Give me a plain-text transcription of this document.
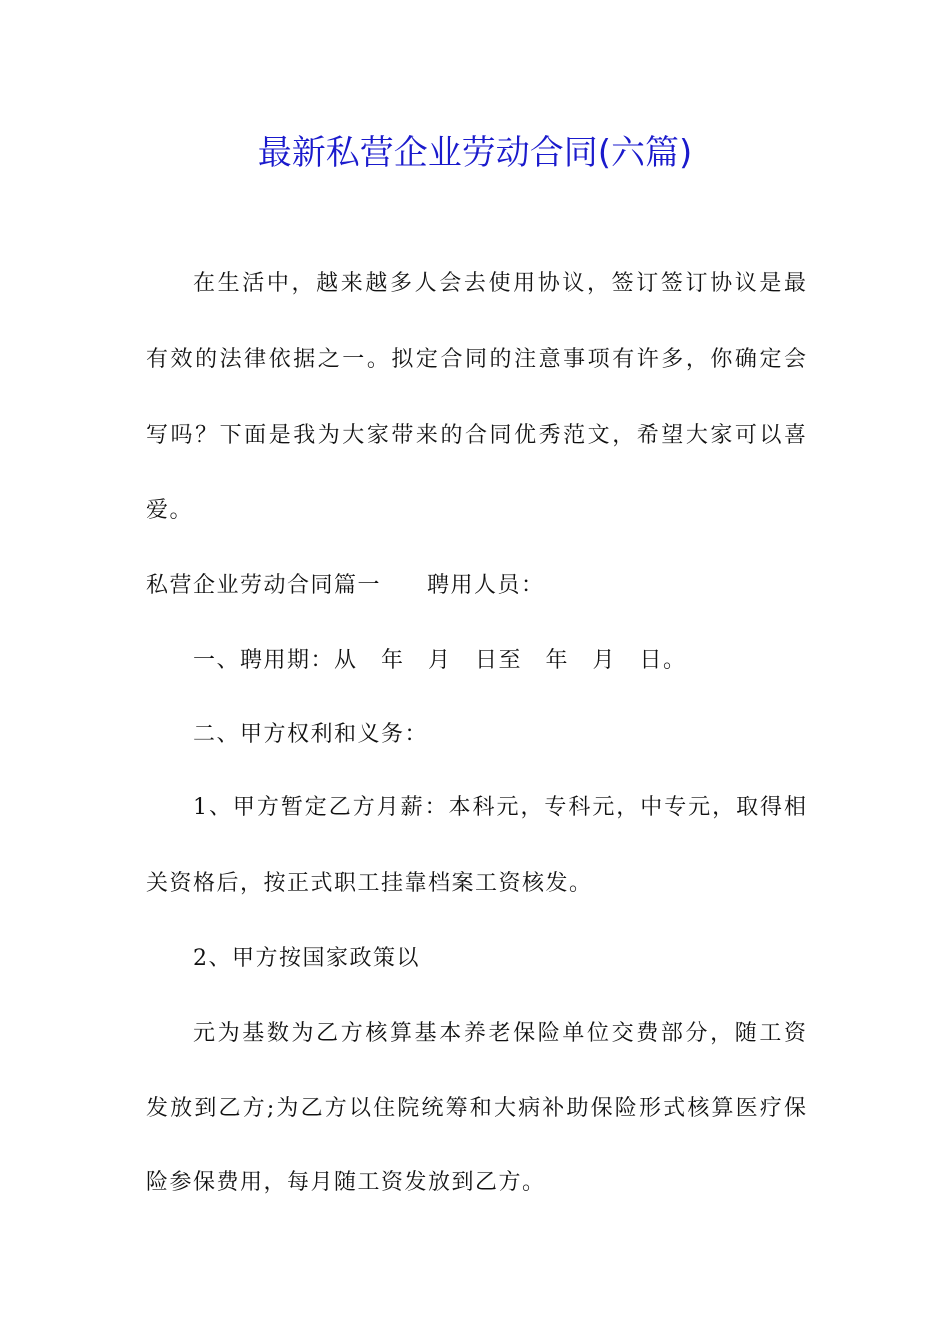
最新私营企业劳动合同(六篇)

在生活中，越来越多人会去使用协议，签订签订协议是最

有效的法律依据之一。拟定合同的注意事项有许多，你确定会

写吗？下面是我为大家带来的合同优秀范文，希望大家可以喜

爱。

私营企业劳动合同篇一 聘用人员：

一、聘用期：从　年　月　日至　年　月　日。

二、甲方权利和义务：

1、甲方暂定乙方月薪：本科元，专科元，中专元，取得相

关资格后，按正式职工挂靠档案工资核发。

2、甲方按国家政策以

元为基数为乙方核算基本养老保险单位交费部分，随工资

发放到乙方;为乙方以住院统筹和大病补助保险形式核算医疗保

险参保费用，每月随工资发放到乙方。
